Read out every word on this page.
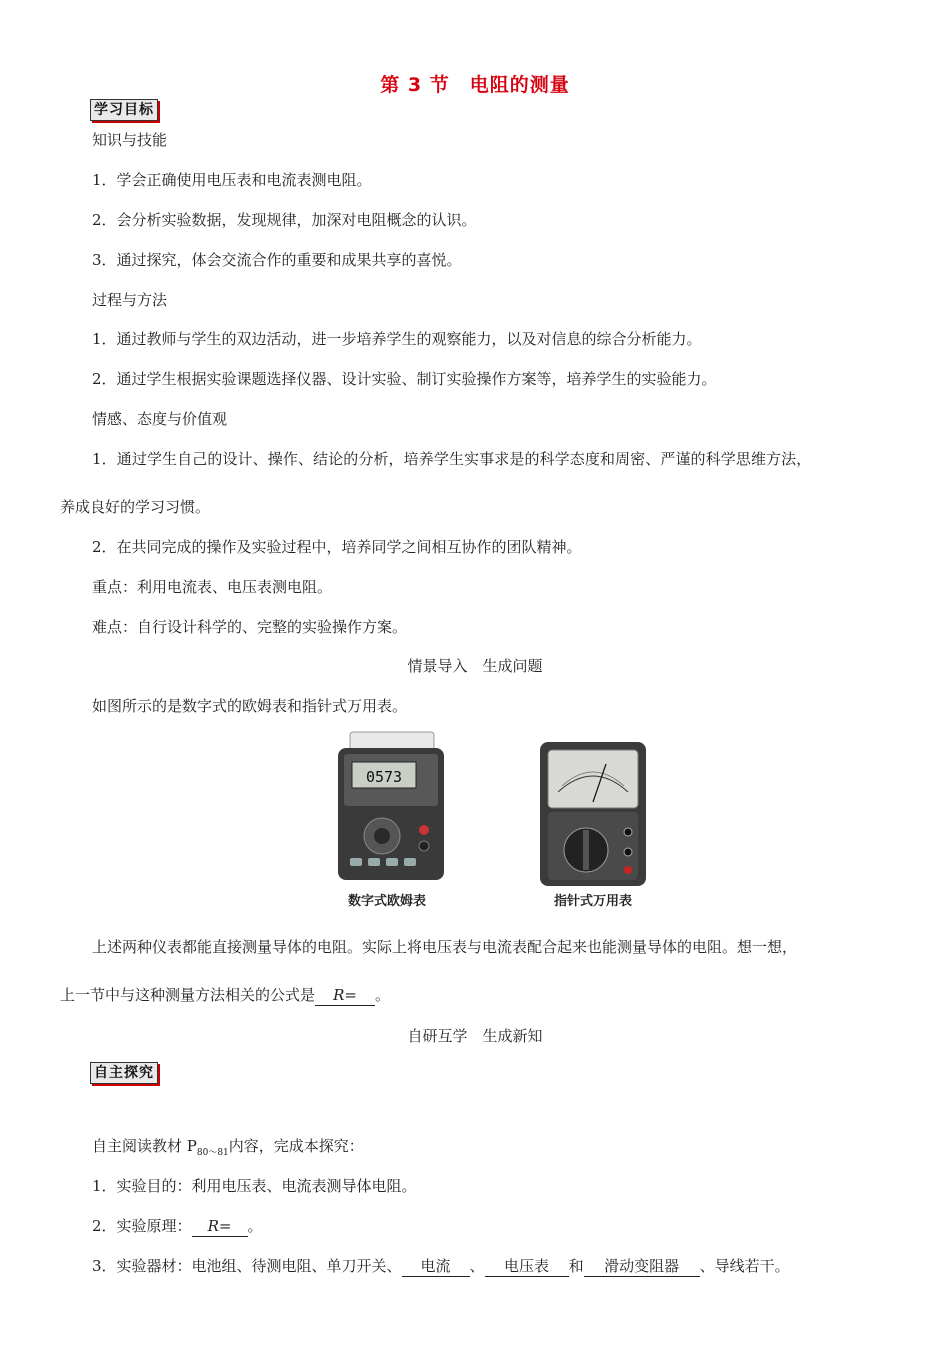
第 3 节　电阻的测量
学习目标
知识与技能
1．学会正确使用电压表和电流表测电阻。
2．会分析实验数据，发现规律，加深对电阻概念的认识。
3．通过探究，体会交流合作的重要和成果共享的喜悦。
过程与方法
1．通过教师与学生的双边活动，进一步培养学生的观察能力，以及对信息的综合分析能力。
2．通过学生根据实验课题选择仪器、设计实验、制订实验操作方案等，培养学生的实验能力。
情感、态度与价值观
1．通过学生自己的设计、操作、结论的分析，培养学生实事求是的科学态度和周密、严谨的科学思维方法，
养成良好的学习习惯。
2．在共同完成的操作及实验过程中，培养同学之间相互协作的团队精神。
重点：利用电流表、电压表测电阻。
难点：自行设计科学的、完整的实验操作方案。
情景导入　生成问题
如图所示的是数字式的欧姆表和指针式万用表。
0573
数字式欧姆表	指针式万用表
上述两种仪表都能直接测量导体的电阻。实际上将电压表与电流表配合起来也能测量导体的电阻。想一想，
上一节中与这种测量方法相关的公式是 R= 。
自研互学　生成新知
自主探究
自主阅读教材 $P_{80\sim 81}$内容，完成本探究：
1．实验目的：利用电压表、电流表测导体电阻。
2．实验原理： R= 。
3．实验器材：电池组、待测电阻、单刀开关、 电流 、 电压表 和 滑动变阻器 、导线若干。
